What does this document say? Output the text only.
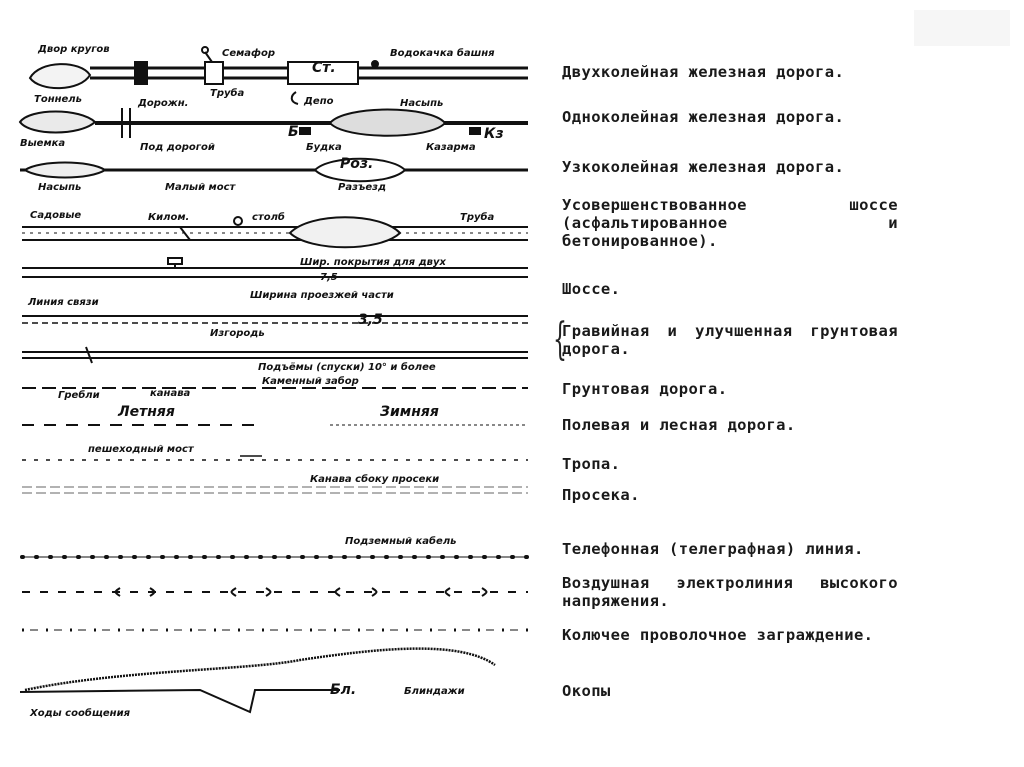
Двор кругов	Семафор
Ст.
Водокачка башня
Тоннель
Труба
Депо
Выемка
Дорожн.
Под дорогой
Насыпь
Б
Будка
Кз
Казарма
Насыпь	Малый мост
Роз.
Разъезд
Садовые	Килом.	столб	Труба
Шир. покрытия для двух
7,5
Ширина проезжей части
Линия связи
Изгородь
3,5
Подъёмы (спуски) 10° и более
Каменный забор
Гребли	канава
Летняя	Зимняя
пешеходный мост
Канава сбоку просеки
Подземный кабель
Бл.	Блиндажи
Ходы сообщения
{

Двухколейная железная дорога.

Одноколейная железная дорога.

Узкоколейная железная дорога.

Усовершенствованное шоссе (асфальтированное и бетонированное).

Шоссе.

Гравийная и улучшенная грунтовая дорога.

Грунтовая дорога.

Полевая и лесная дорога.

Тропа.

Просека.

Телефонная (телеграфная) линия.

Воздушная электролиния высокого напряжения.

Колючее проволочное заграждение.

Окопы
